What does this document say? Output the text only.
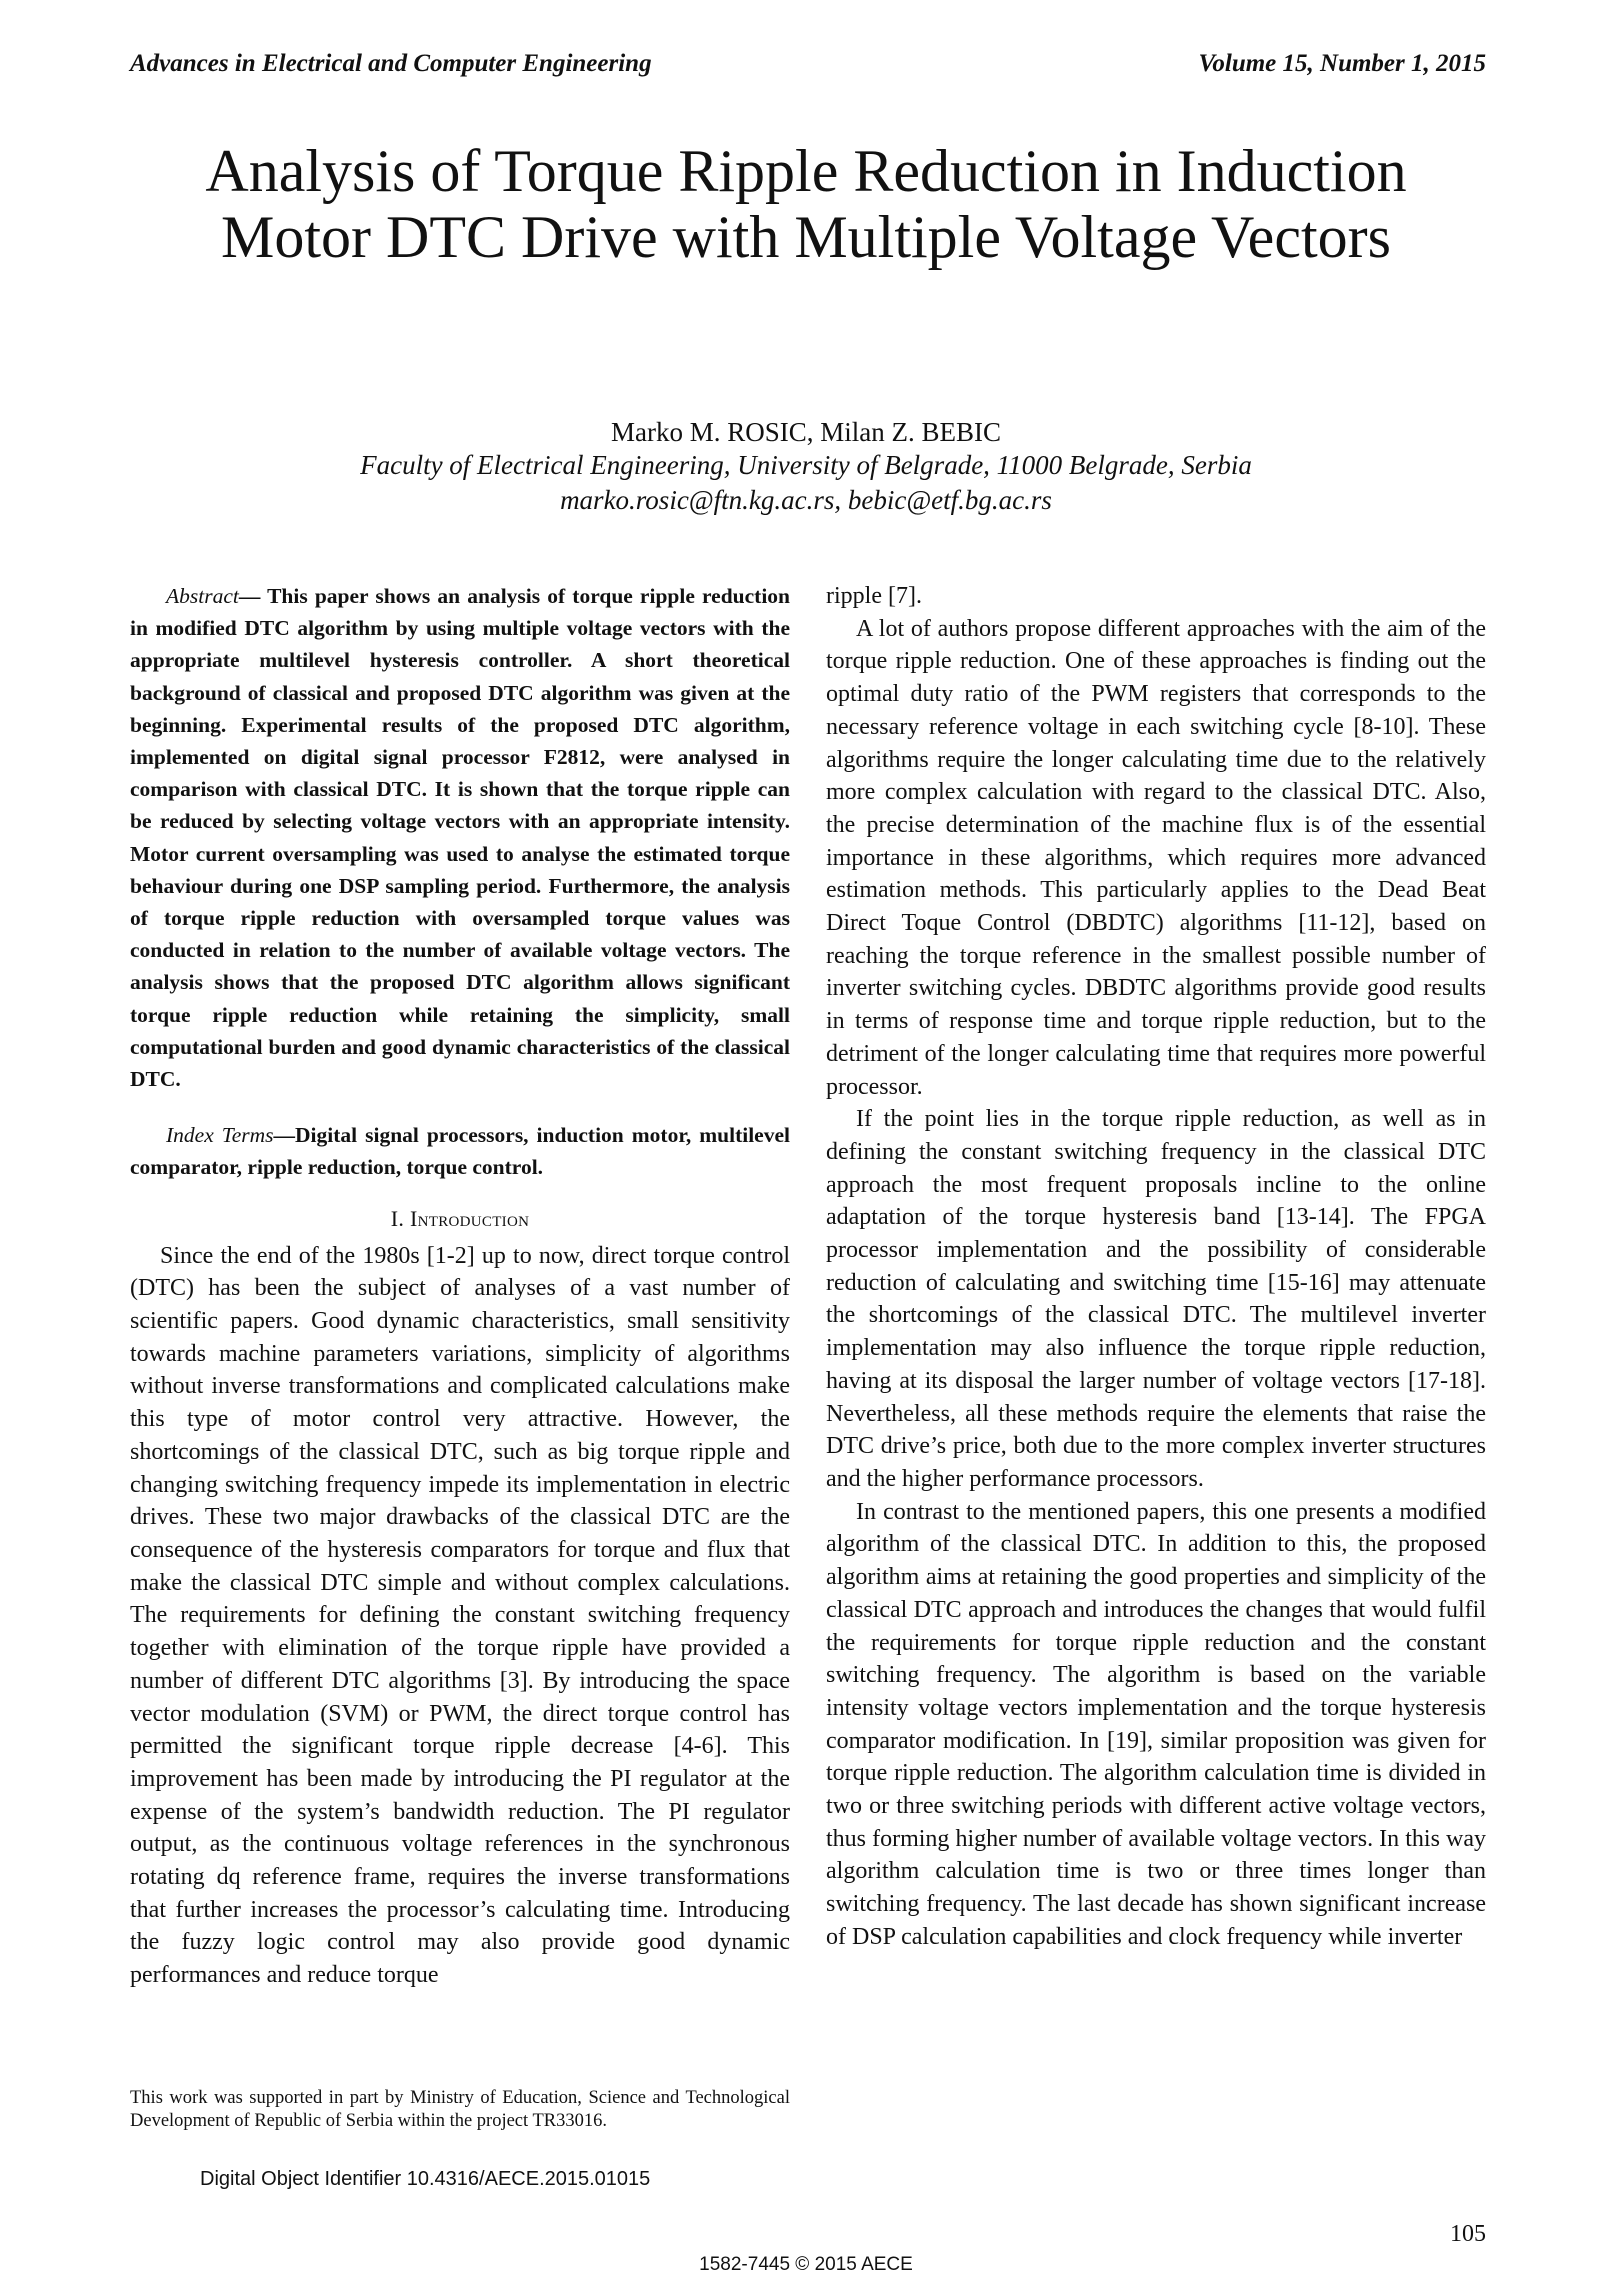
Advances in Electrical and Computer Engineering	Volume 15, Number 1, 2015
Analysis of Torque Ripple Reduction in Induction Motor DTC Drive with Multiple Voltage Vectors
Marko M. ROSIC, Milan Z. BEBIC
Faculty of Electrical Engineering, University of Belgrade, 11000 Belgrade, Serbia
marko.rosic@ftn.kg.ac.rs, bebic@etf.bg.ac.rs

Abstract— This paper shows an analysis of torque ripple reduction in modified DTC algorithm by using multiple voltage vectors with the appropriate multilevel hysteresis controller. A short theoretical background of classical and proposed DTC algorithm was given at the beginning. Experimental results of the proposed DTC algorithm, implemented on digital signal processor F2812, were analysed in comparison with classical DTC. It is shown that the torque ripple can be reduced by selecting voltage vectors with an appropriate intensity. Motor current oversampling was used to analyse the estimated torque behaviour during one DSP sampling period. Furthermore, the analysis of torque ripple reduction with oversampled torque values was conducted in relation to the number of available voltage vectors. The analysis shows that the proposed DTC algorithm allows significant torque ripple reduction while retaining the simplicity, small computational burden and good dynamic characteristics of the classical DTC.

Index Terms—Digital signal processors, induction motor, multilevel comparator, ripple reduction, torque control.

I. Introduction

Since the end of the 1980s [1-2] up to now, direct torque control (DTC) has been the subject of analyses of a vast number of scientific papers. Good dynamic characteristics, small sensitivity towards machine parameters variations, simplicity of algorithms without inverse transformations and complicated calculations make this type of motor control very attractive. However, the shortcomings of the classical DTC, such as big torque ripple and changing switching frequency impede its implementation in electric drives. These two major drawbacks of the classical DTC are the consequence of the hysteresis comparators for torque and flux that make the classical DTC simple and without complex calculations. The requirements for defining the constant switching frequency together with elimination of the torque ripple have provided a number of different DTC algorithms [3]. By introducing the space vector modulation (SVM) or PWM, the direct torque control has permitted the significant torque ripple decrease [4-6]. This improvement has been made by introducing the PI regulator at the expense of the system’s bandwidth reduction. The PI regulator output, as the continuous voltage references in the synchronous rotating dq reference frame, requires the inverse transformations that further increases the processor’s calculating time. Introducing the fuzzy logic control may also provide good dynamic performances and reduce torque

ripple [7].

A lot of authors propose different approaches with the aim of the torque ripple reduction. One of these approaches is finding out the optimal duty ratio of the PWM registers that corresponds to the necessary reference voltage in each switching cycle [8-10]. These algorithms require the longer calculating time due to the relatively more complex calculation with regard to the classical DTC. Also, the precise determination of the machine flux is of the essential importance in these algorithms, which requires more advanced estimation methods. This particularly applies to the Dead Beat Direct Toque Control (DBDTC) algorithms [11-12], based on reaching the torque reference in the smallest possible number of inverter switching cycles. DBDTC algorithms provide good results in terms of response time and torque ripple reduction, but to the detriment of the longer calculating time that requires more powerful processor.

If the point lies in the torque ripple reduction, as well as in defining the constant switching frequency in the classical DTC approach the most frequent proposals incline to the online adaptation of the torque hysteresis band [13-14]. The FPGA processor implementation and the possibility of considerable reduction of calculating and switching time [15-16] may attenuate the shortcomings of the classical DTC. The multilevel inverter implementation may also influence the torque ripple reduction, having at its disposal the larger number of voltage vectors [17-18]. Nevertheless, all these methods require the elements that raise the DTC drive’s price, both due to the more complex inverter structures and the higher performance processors.

In contrast to the mentioned papers, this one presents a modified algorithm of the classical DTC. In addition to this, the proposed algorithm aims at retaining the good properties and simplicity of the classical DTC approach and introduces the changes that would fulfil the requirements for torque ripple reduction and the constant switching frequency. The algorithm is based on the variable intensity voltage vectors implementation and the torque hysteresis comparator modification. In [19], similar proposition was given for torque ripple reduction. The algorithm calculation time is divided in two or three switching periods with different active voltage vectors, thus forming higher number of available voltage vectors. In this way algorithm calculation time is two or three times longer than switching frequency. The last decade has shown significant increase of DSP calculation capabilities and clock frequency while inverter

This work was supported in part by Ministry of Education, Science and Technological Development of Republic of Serbia within the project TR33016.

Digital Object Identifier 10.4316/AECE.2015.01015
105
1582-7445 © 2015 AECE
